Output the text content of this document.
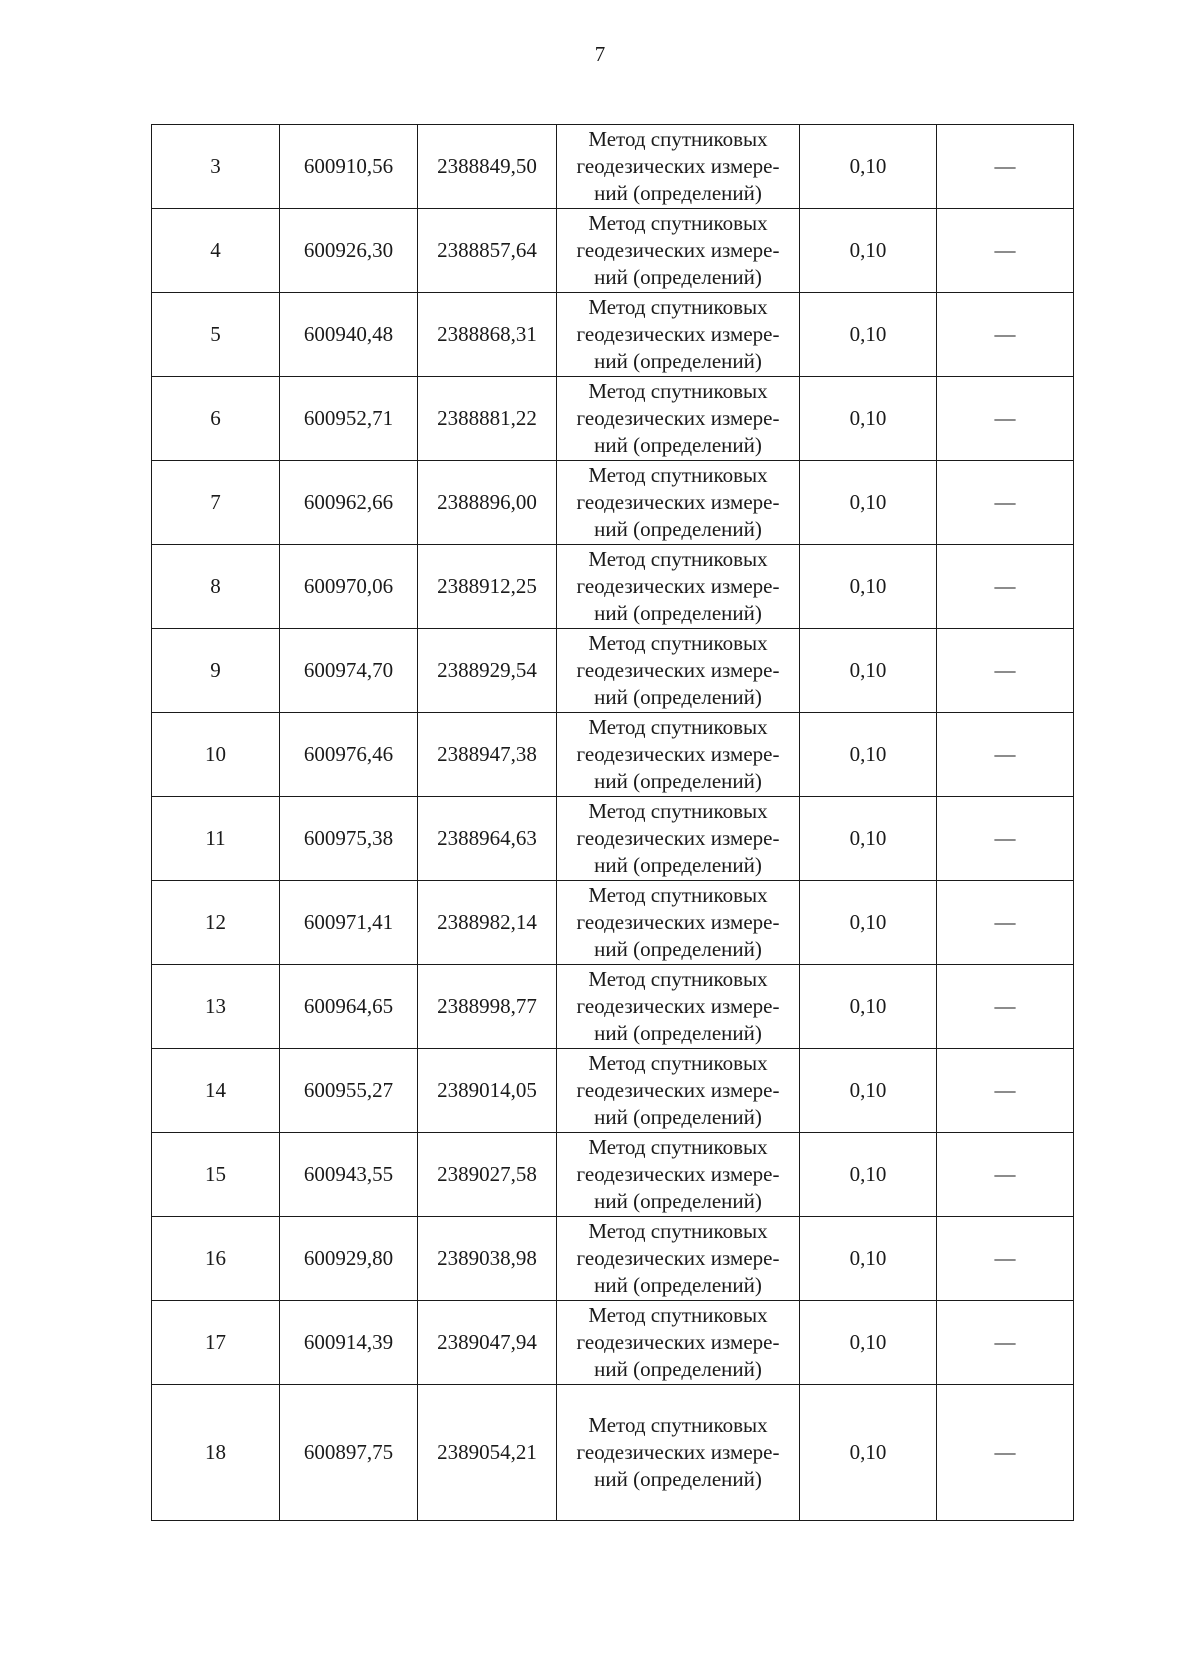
7
3	600910,56	2388849,50	Метод спутниковых
геодезических измере-
ний (определений)	0,10	—
4	600926,30	2388857,64	Метод спутниковых
геодезических измере-
ний (определений)	0,10	—
5	600940,48	2388868,31	Метод спутниковых
геодезических измере-
ний (определений)	0,10	—
6	600952,71	2388881,22	Метод спутниковых
геодезических измере-
ний (определений)	0,10	—
7	600962,66	2388896,00	Метод спутниковых
геодезических измере-
ний (определений)	0,10	—
8	600970,06	2388912,25	Метод спутниковых
геодезических измере-
ний (определений)	0,10	—
9	600974,70	2388929,54	Метод спутниковых
геодезических измере-
ний (определений)	0,10	—
10	600976,46	2388947,38	Метод спутниковых
геодезических измере-
ний (определений)	0,10	—
11	600975,38	2388964,63	Метод спутниковых
геодезических измере-
ний (определений)	0,10	—
12	600971,41	2388982,14	Метод спутниковых
геодезических измере-
ний (определений)	0,10	—
13	600964,65	2388998,77	Метод спутниковых
геодезических измере-
ний (определений)	0,10	—
14	600955,27	2389014,05	Метод спутниковых
геодезических измере-
ний (определений)	0,10	—
15	600943,55	2389027,58	Метод спутниковых
геодезических измере-
ний (определений)	0,10	—
16	600929,80	2389038,98	Метод спутниковых
геодезических измере-
ний (определений)	0,10	—
17	600914,39	2389047,94	Метод спутниковых
геодезических измере-
ний (определений)	0,10	—
18	600897,75	2389054,21	Метод спутниковых
геодезических измере-
ний (определений)	0,10	—
